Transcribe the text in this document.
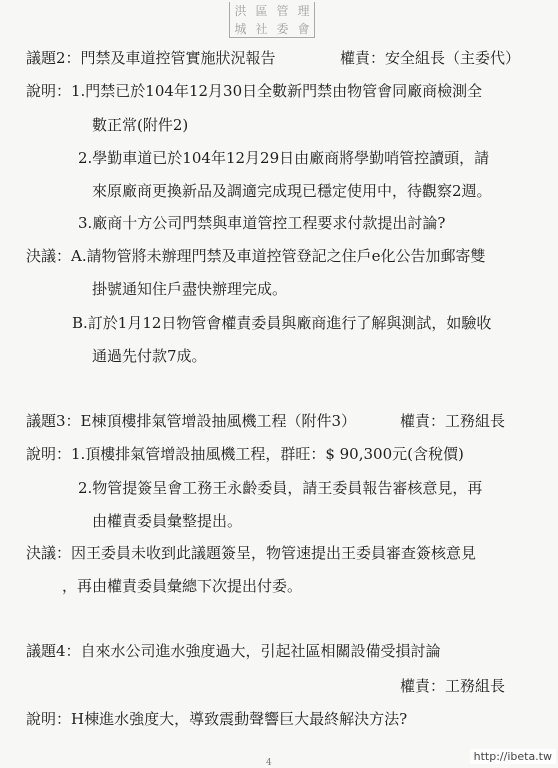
洪 區 管 理
城 社 委 會
議題2：門禁及車道控管實施狀況報告	權責：安全組長（主委代）
說明：1.門禁已於104年12月30日全數新門禁由物管會同廠商檢測全
數正常(附件2)
2.學勤車道已於104年12月29日由廠商將學勤哨管控讀頭，請
來原廠商更換新品及調適完成現已穩定使用中，待觀察2週。
3.廠商十方公司門禁與車道管控工程要求付款提出討論?
決議：A.請物管將未辦理門禁及車道控管登記之住戶e化公告加郵寄雙
掛號通知住戶盡快辦理完成。
B.訂於1月12日物管會權責委員與廠商進行了解與測試，如驗收
通過先付款7成。
議題3：E棟頂樓排氣管增設抽風機工程（附件3）	權責：工務組長
說明：1.頂樓排氣管增設抽風機工程，群旺：$ 90,300元(含稅價)
2.物管提簽呈會工務王永齡委員，請王委員報告審核意見，再
由權責委員彙整提出。
決議：因王委員未收到此議題簽呈，物管速提出王委員審查簽核意見
，再由權責委員彙總下次提出付委。
議題4：自來水公司進水強度過大，引起社區相關設備受損討論
權責：工務組長
說明：H棟進水強度大，導致震動聲響巨大最終解決方法?
4	http://ibeta.tw
